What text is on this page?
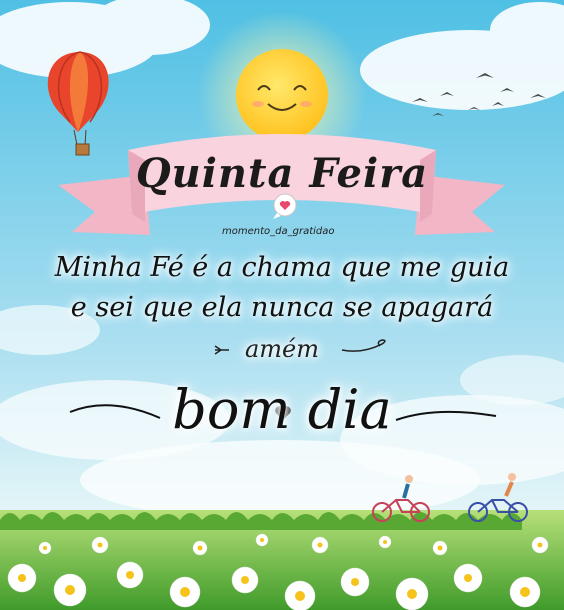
Quinta Feira
momento_da_gratidao
Minha Fé é a chama que me guia
e sei que ela nunca se apagará
amém
bom dia
